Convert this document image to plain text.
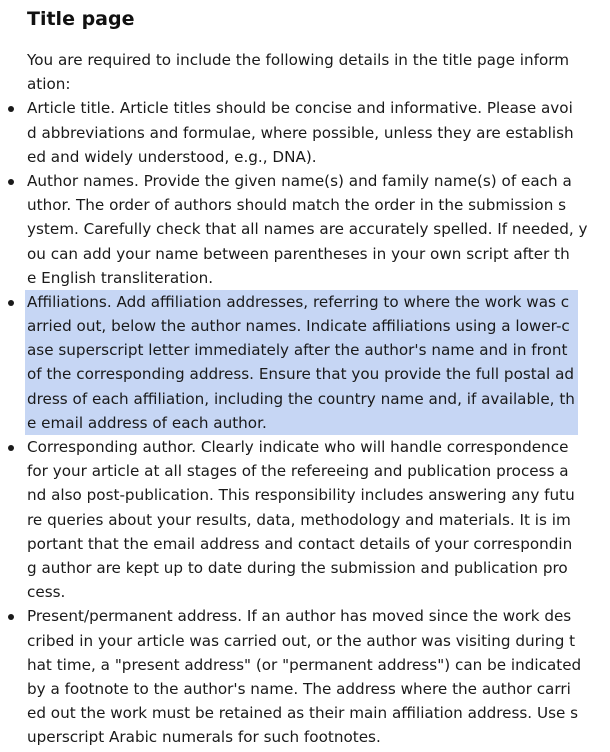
Title page
You are required to include the following details in the title page inform
ation:
Article title. Article titles should be concise and informative. Please avoi
d abbreviations and formulae, where possible, unless they are establish
ed and widely understood, e.g., DNA).
Author names. Provide the given name(s) and family name(s) of each a
uthor. The order of authors should match the order in the submission s
ystem. Carefully check that all names are accurately spelled. If needed, y
ou can add your name between parentheses in your own script after th
e English transliteration.
Affiliations. Add affiliation addresses, referring to where the work was c
arried out, below the author names. Indicate affiliations using a lower-c
ase superscript letter immediately after the author's name and in front
of the corresponding address. Ensure that you provide the full postal ad
dress of each affiliation, including the country name and, if available, th
e email address of each author.
Corresponding author. Clearly indicate who will handle correspondence
for your article at all stages of the refereeing and publication process a
nd also post-publication. This responsibility includes answering any futu
re queries about your results, data, methodology and materials. It is im
portant that the email address and contact details of your correspondin
g author are kept up to date during the submission and publication pro
cess.
Present/permanent address. If an author has moved since the work des
cribed in your article was carried out, or the author was visiting during t
hat time, a "present address" (or "permanent address") can be indicated
by a footnote to the author's name. The address where the author carri
ed out the work must be retained as their main affiliation address. Use s
uperscript Arabic numerals for such footnotes.
